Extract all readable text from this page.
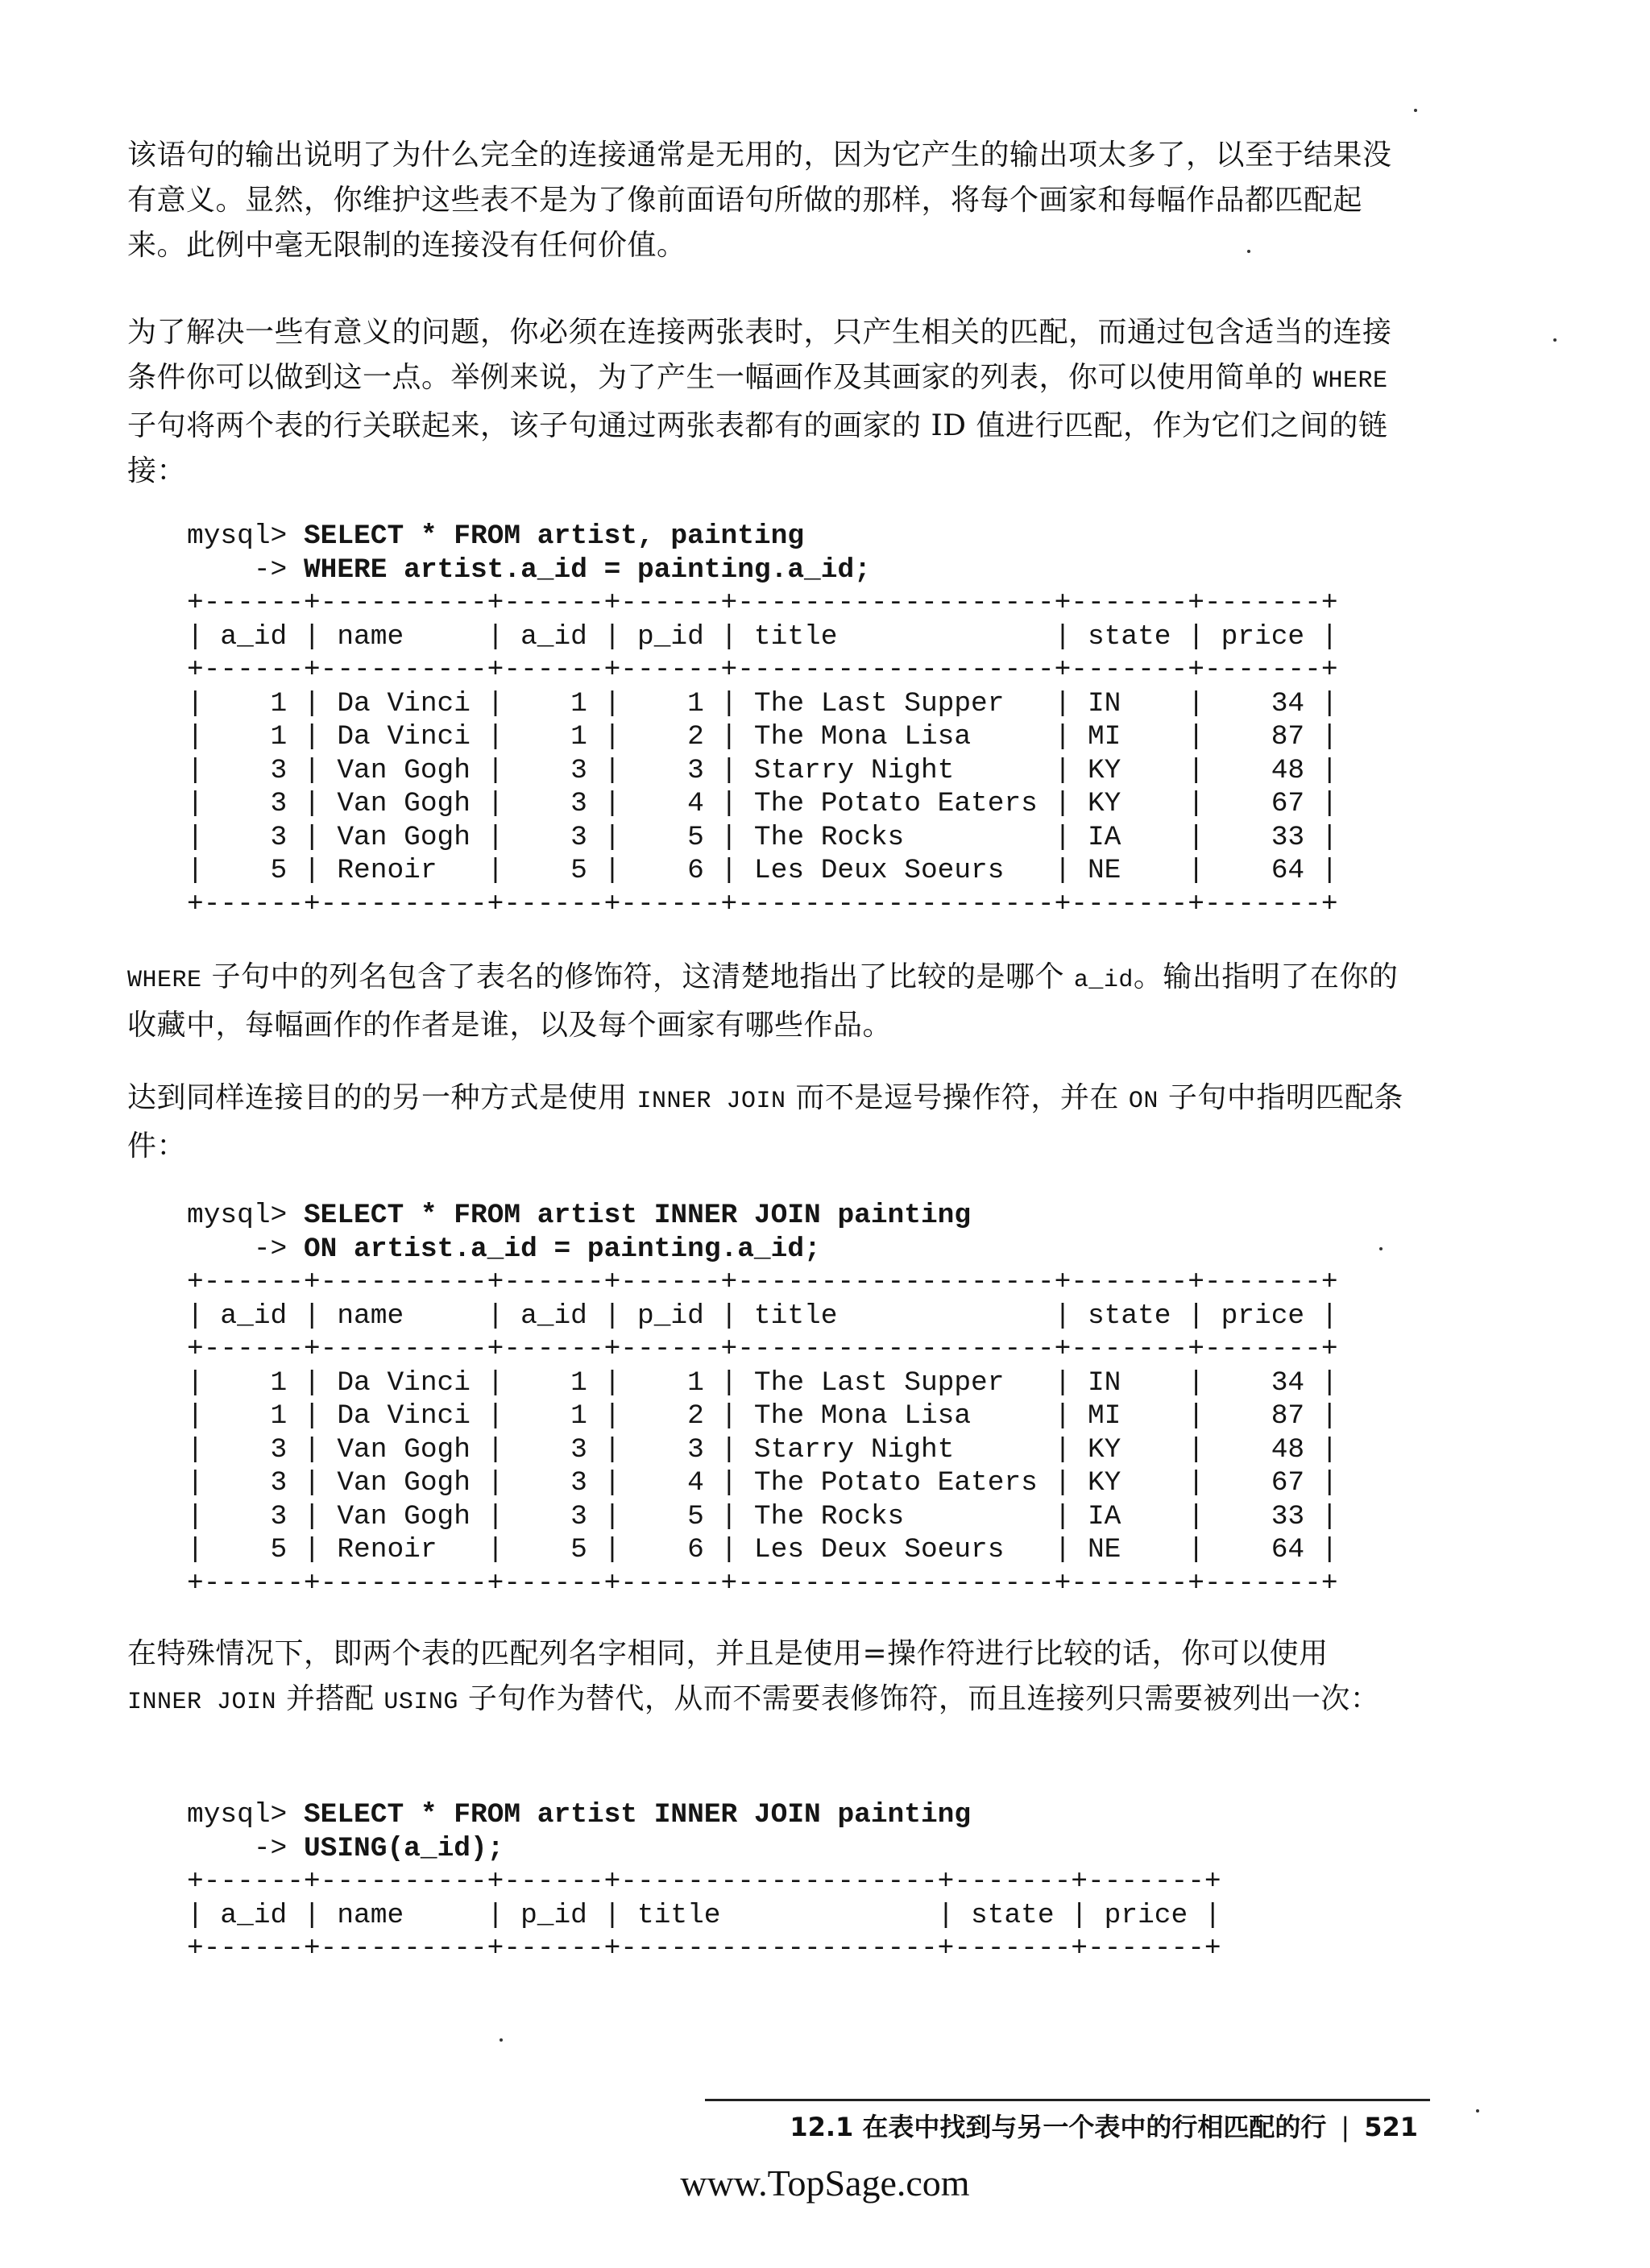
该语句的输出说明了为什么完全的连接通常是无用的，因为它产生的输出项太多了，以至于结果没有意义。显然，你维护这些表不是为了像前面语句所做的那样，将每个画家和每幅作品都匹配起来。此例中毫无限制的连接没有任何价值。

为了解决一些有意义的问题，你必须在连接两张表时，只产生相关的匹配，而通过包含适当的连接条件你可以做到这一点。举例来说，为了产生一幅画作及其画家的列表，你可以使用简单的 WHERE 子句将两个表的行关联起来，该子句通过两张表都有的画家的 ID 值进行匹配，作为它们之间的链接：

mysql> SELECT * FROM artist, painting
-> WHERE artist.a_id = painting.a_id;
+------+----------+------+------+-------------------+-------+-------+
| a_id | name     | a_id | p_id | title             | state | price |
+------+----------+------+------+-------------------+-------+-------+
|    1 | Da Vinci |    1 |    1 | The Last Supper   | IN    |    34 |
|    1 | Da Vinci |    1 |    2 | The Mona Lisa     | MI    |    87 |
|    3 | Van Gogh |    3 |    3 | Starry Night      | KY    |    48 |
|    3 | Van Gogh |    3 |    4 | The Potato Eaters | KY    |    67 |
|    3 | Van Gogh |    3 |    5 | The Rocks         | IA    |    33 |
|    5 | Renoir   |    5 |    6 | Les Deux Soeurs   | NE    |    64 |
+------+----------+------+------+-------------------+-------+-------+

WHERE 子句中的列名包含了表名的修饰符，这清楚地指出了比较的是哪个 a_id。输出指明了在你的收藏中，每幅画作的作者是谁，以及每个画家有哪些作品。

达到同样连接目的的另一种方式是使用 INNER JOIN 而不是逗号操作符，并在 ON 子句中指明匹配条件：

mysql> SELECT * FROM artist INNER JOIN painting
-> ON artist.a_id = painting.a_id;
+------+----------+------+------+-------------------+-------+-------+
| a_id | name     | a_id | p_id | title             | state | price |
+------+----------+------+------+-------------------+-------+-------+
|    1 | Da Vinci |    1 |    1 | The Last Supper   | IN    |    34 |
|    1 | Da Vinci |    1 |    2 | The Mona Lisa     | MI    |    87 |
|    3 | Van Gogh |    3 |    3 | Starry Night      | KY    |    48 |
|    3 | Van Gogh |    3 |    4 | The Potato Eaters | KY    |    67 |
|    3 | Van Gogh |    3 |    5 | The Rocks         | IA    |    33 |
|    5 | Renoir   |    5 |    6 | Les Deux Soeurs   | NE    |    64 |
+------+----------+------+------+-------------------+-------+-------+

在特殊情况下，即两个表的匹配列名字相同，并且是使用=操作符进行比较的话，你可以使用 INNER JOIN 并搭配 USING 子句作为替代，从而不需要表修饰符，而且连接列只需要被列出一次：

mysql> SELECT * FROM artist INNER JOIN painting
-> USING(a_id);
+------+----------+------+-------------------+-------+-------+
| a_id | name     | p_id | title             | state | price |
+------+----------+------+-------------------+-------+-------+
12.1 在表中找到与另一个表中的行相匹配的行 | 521
www.TopSage.com
